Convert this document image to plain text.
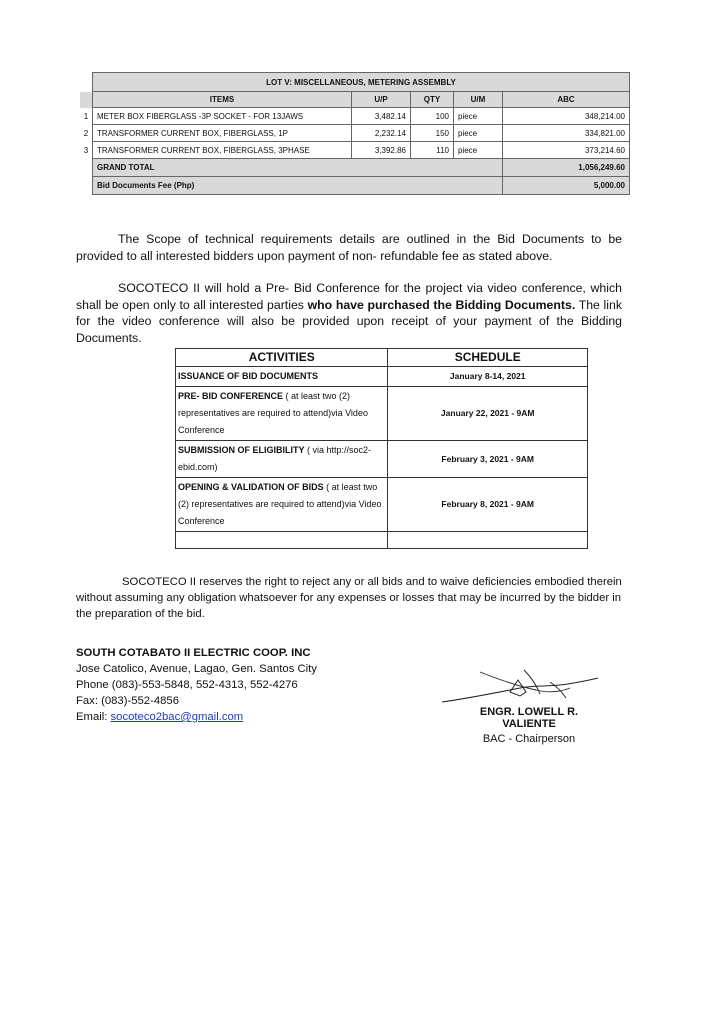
	LOT V: MISCELLANEOUS, METERING ASSEMBLY				
	ITEMS	U/P	QTY	U/M	ABC
1	METER BOX FIBERGLASS -3P SOCKET - FOR 13JAWS	3,482.14	100	piece	348,214.00
2	TRANSFORMER CURRENT BOX, FIBERGLASS, 1P	2,232.14	150	piece	334,821.00
3	TRANSFORMER CURRENT BOX, FIBERGLASS, 3PHASE	3,392.86	110	piece	373,214.60
	GRAND TOTAL				1,056,249.60
	Bid Documents Fee (Php)				5,000.00
The Scope of technical requirements details are outlined in the Bid Documents to be provided to all interested bidders upon payment of non- refundable fee as stated above.
SOCOTECO II will hold a Pre- Bid Conference for the project via video conference, which shall be open only to all interested parties who have purchased the Bidding Documents. The link for the video conference will also be provided upon receipt of your payment of the Bidding Documents.
ACTIVITIES	SCHEDULE
ISSUANCE OF BID DOCUMENTS	January 8-14, 2021
PRE- BID CONFERENCE ( at least two (2) representatives are required to attend)via Video Conference	January 22, 2021 - 9AM
SUBMISSION OF ELIGIBILITY ( via http://soc2-ebid.com)	February 3, 2021 - 9AM
OPENING & VALIDATION OF BIDS ( at least two (2) representatives are required to attend)via Video Conference	February 8, 2021 - 9AM

SOCOTECO II reserves the right to reject any or all bids and to waive deficiencies embodied therein without assuming any obligation whatsoever for any expenses or losses that may be incurred by the bidder in the preparation of the bid.
SOUTH COTABATO II ELECTRIC COOP. INC
Jose Catolico, Avenue, Lagao, Gen. Santos City
Phone (083)-553-5848, 552-4313, 552-4276
Fax: (083)-552-4856
Email: socoteco2bac@gmail.com	ENGR. LOWELL R. VALIENTE
BAC - Chairperson
